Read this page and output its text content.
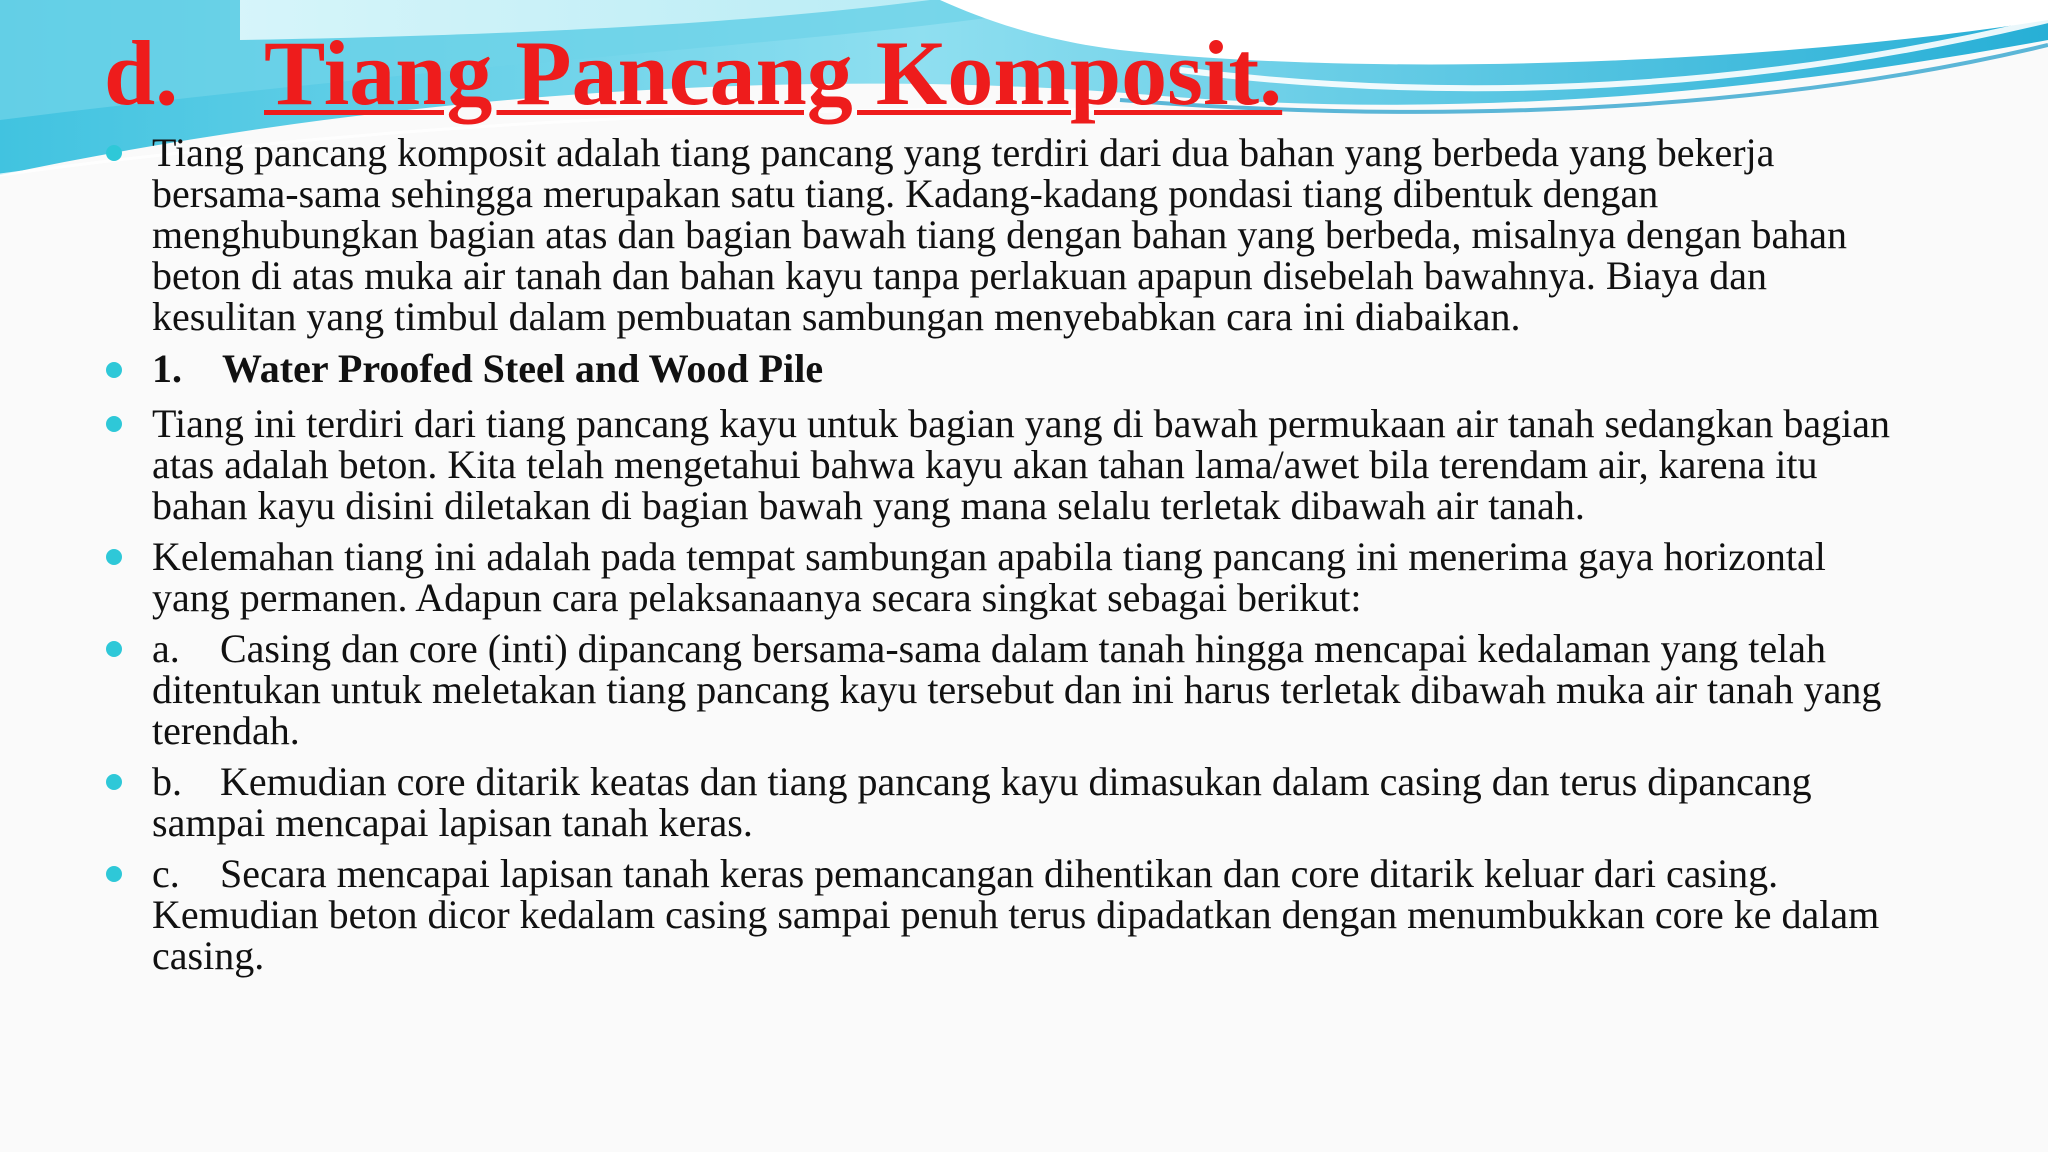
d. Tiang Pancang Komposit.
Tiang pancang komposit adalah tiang pancang yang terdiri dari dua bahan yang berbeda yang bekerja bersama-sama sehingga merupakan satu tiang. Kadang-kadang pondasi tiang dibentuk dengan menghubungkan bagian atas dan bagian bawah tiang dengan bahan yang berbeda, misalnya dengan bahan beton di atas muka air tanah dan bahan kayu tanpa perlakuan apapun disebelah bawahnya. Biaya dan kesulitan yang timbul dalam pembuatan sambungan menyebabkan cara ini diabaikan.
1. Water Proofed Steel and Wood Pile
Tiang ini terdiri dari tiang pancang kayu untuk bagian yang di bawah permukaan air tanah sedangkan bagian atas adalah beton. Kita telah mengetahui bahwa kayu akan tahan lama/awet bila terendam air, karena itu bahan kayu disini diletakan di bagian bawah yang mana selalu terletak dibawah air tanah.
Kelemahan tiang ini adalah pada tempat sambungan apabila tiang pancang ini menerima gaya horizontal yang permanen. Adapun cara pelaksanaanya secara singkat sebagai berikut:
a. Casing dan core (inti) dipancang bersama-sama dalam tanah hingga mencapai kedalaman yang telah ditentukan untuk meletakan tiang pancang kayu tersebut dan ini harus terletak dibawah muka air tanah yang terendah.
b. Kemudian core ditarik keatas dan tiang pancang kayu dimasukan dalam casing dan terus dipancang sampai mencapai lapisan tanah keras.
c. Secara mencapai lapisan tanah keras pemancangan dihentikan dan core ditarik keluar dari casing. Kemudian beton dicor kedalam casing sampai penuh terus dipadatkan dengan menumbukkan core ke dalam casing.
